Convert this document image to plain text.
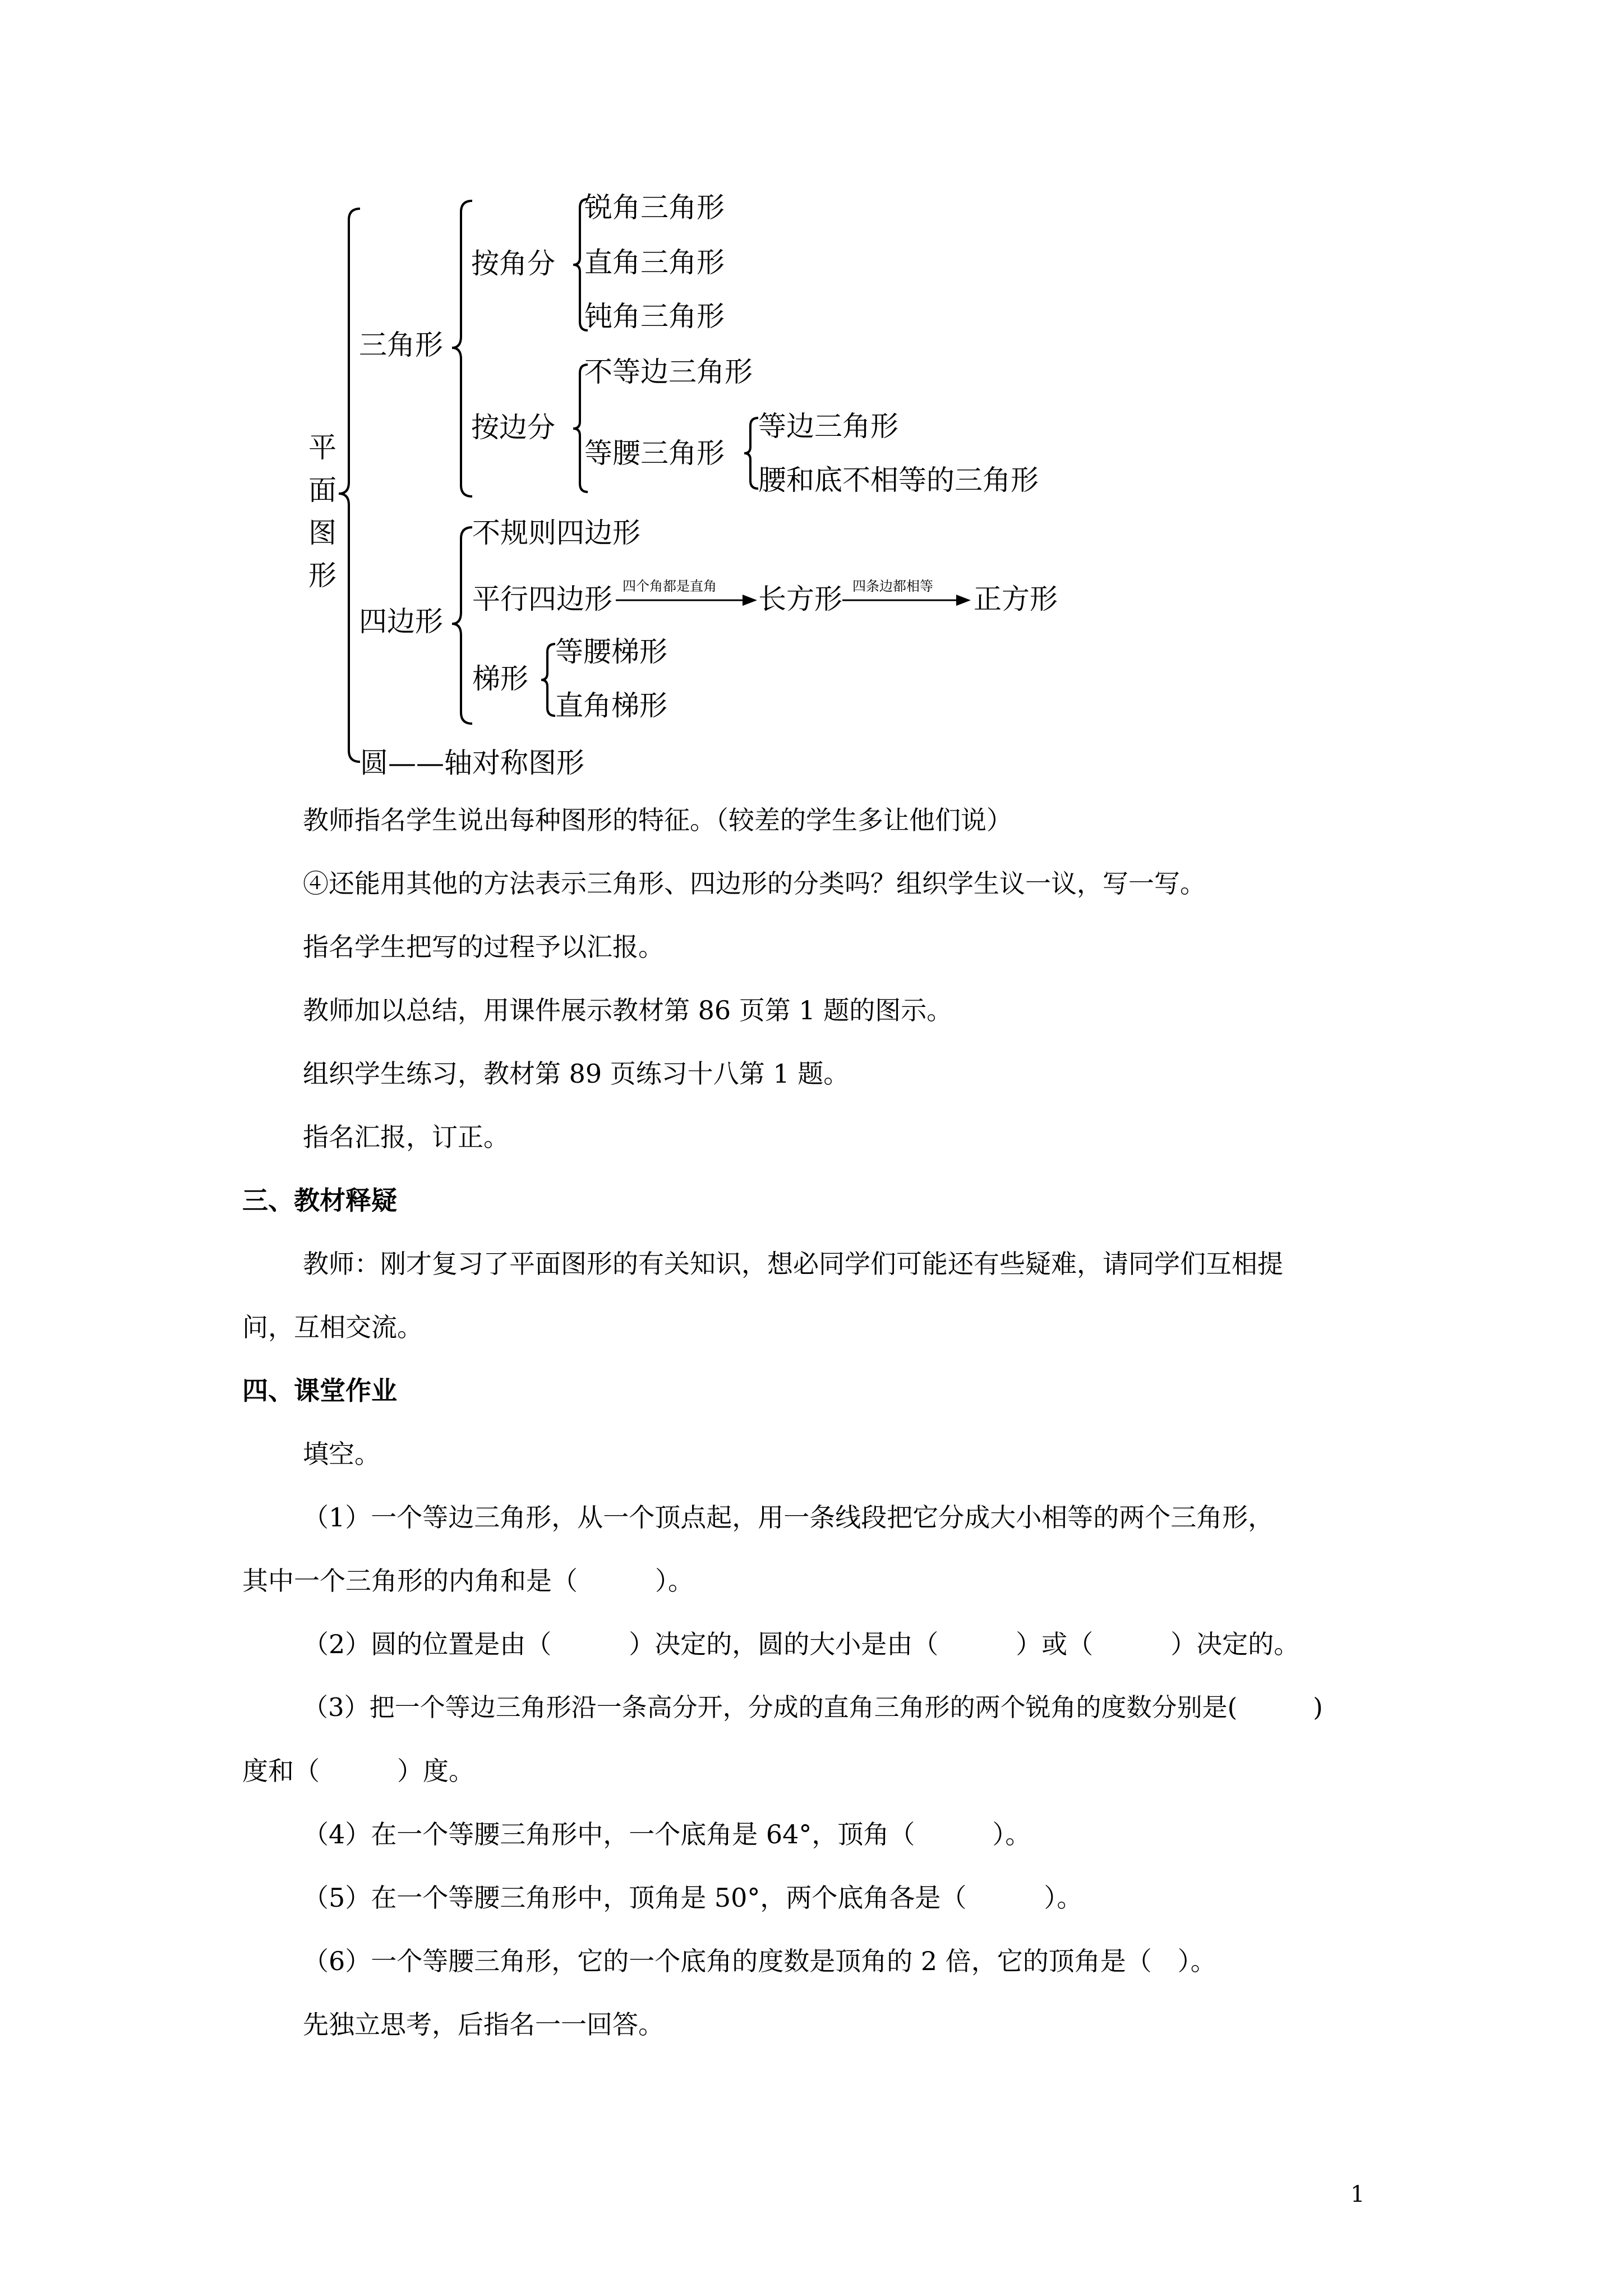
平面图形
三角形
按角分
锐角三角形
直角三角形
钝角三角形
按边分
不等边三角形
等腰三角形
等边三角形
腰和底不相等的三角形
四边形
不规则四边形
平行四边形 四个角都是直角 长方形 四条边都相等 正方形
梯形
等腰梯形
直角梯形
圆——轴对称图形
教师指名学生说出每种图形的特征。（较差的学生多让他们说）
④还能用其他的方法表示三角形、四边形的分类吗？组织学生议一议，写一写。
指名学生把写的过程予以汇报。
教师加以总结，用课件展示教材第 86 页第 1 题的图示。
组织学生练习，教材第 89 页练习十八第 1 题。
指名汇报，订正。
三、教材释疑
教师：刚才复习了平面图形的有关知识，想必同学们可能还有些疑难，请同学们互相提
问，互相交流。
四、课堂作业
填空。
（1）一个等边三角形，从一个顶点起，用一条线段把它分成大小相等的两个三角形，
其中一个三角形的内角和是（　　　）。
（2）圆的位置是由（　　　）决定的，圆的大小是由（　　　）或（　　　）决定的。
（3）把一个等边三角形沿一条高分开，分成的直角三角形的两个锐角的度数分别是(　　　)
度和（　　　）度。
（4）在一个等腰三角形中，一个底角是 64°，顶角（　　　）。
（5）在一个等腰三角形中，顶角是 50°，两个底角各是（　　　）。
（6）一个等腰三角形，它的一个底角的度数是顶角的 2 倍，它的顶角是（　）。
先独立思考，后指名一一回答。
1
